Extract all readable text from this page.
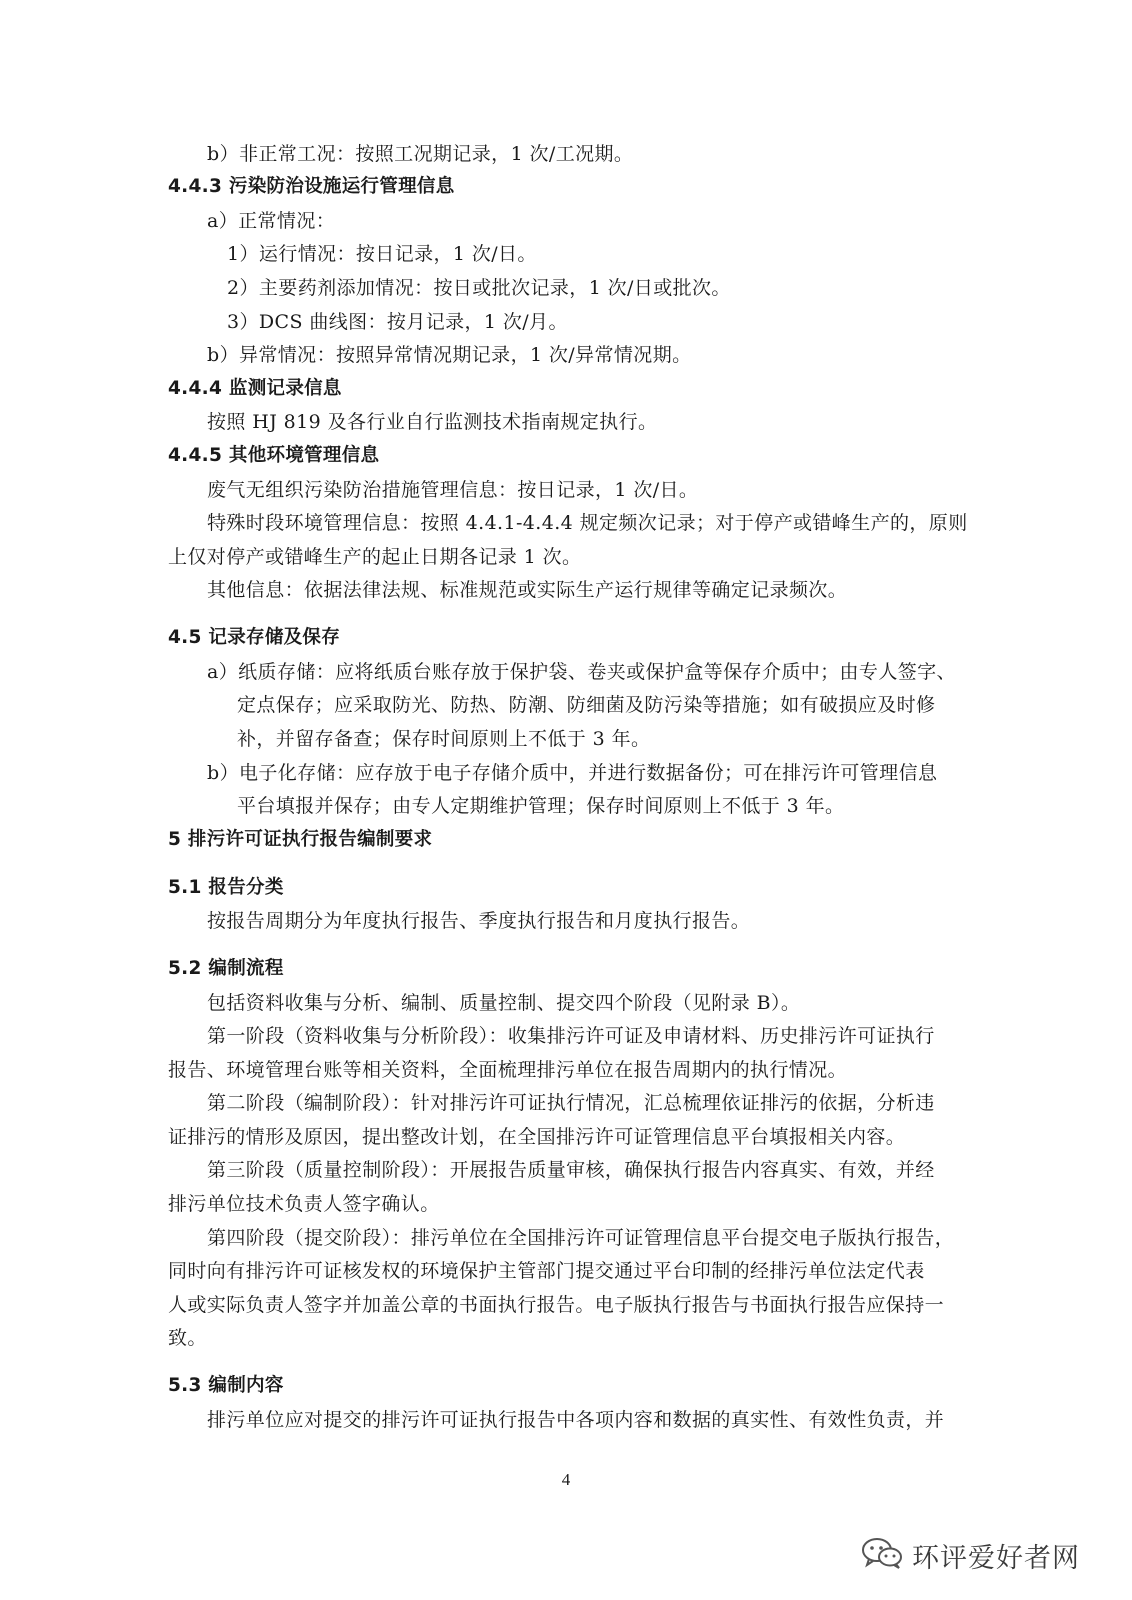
b）非正常工况：按照工况期记录，1 次/工况期。
4.4.3 污染防治设施运行管理信息
a）正常情况：
1）运行情况：按日记录，1 次/日。
2）主要药剂添加情况：按日或批次记录，1 次/日或批次。
3）DCS 曲线图：按月记录，1 次/月。
b）异常情况：按照异常情况期记录，1 次/异常情况期。
4.4.4 监测记录信息
按照 HJ 819 及各行业自行监测技术指南规定执行。
4.4.5 其他环境管理信息
废气无组织污染防治措施管理信息：按日记录，1 次/日。
特殊时段环境管理信息：按照 4.4.1-4.4.4 规定频次记录；对于停产或错峰生产的，原则
上仅对停产或错峰生产的起止日期各记录 1 次。
其他信息：依据法律法规、标准规范或实际生产运行规律等确定记录频次。
4.5 记录存储及保存
a）纸质存储：应将纸质台账存放于保护袋、卷夹或保护盒等保存介质中；由专人签字、
定点保存；应采取防光、防热、防潮、防细菌及防污染等措施；如有破损应及时修
补，并留存备查；保存时间原则上不低于 3 年。
b）电子化存储：应存放于电子存储介质中，并进行数据备份；可在排污许可管理信息
平台填报并保存；由专人定期维护管理；保存时间原则上不低于 3 年。
5 排污许可证执行报告编制要求
5.1 报告分类
按报告周期分为年度执行报告、季度执行报告和月度执行报告。
5.2 编制流程
包括资料收集与分析、编制、质量控制、提交四个阶段（见附录 B）。
第一阶段（资料收集与分析阶段）：收集排污许可证及申请材料、历史排污许可证执行
报告、环境管理台账等相关资料，全面梳理排污单位在报告周期内的执行情况。
第二阶段（编制阶段）：针对排污许可证执行情况，汇总梳理依证排污的依据，分析违
证排污的情形及原因，提出整改计划，在全国排污许可证管理信息平台填报相关内容。
第三阶段（质量控制阶段）：开展报告质量审核，确保执行报告内容真实、有效，并经
排污单位技术负责人签字确认。
第四阶段（提交阶段）：排污单位在全国排污许可证管理信息平台提交电子版执行报告，
同时向有排污许可证核发权的环境保护主管部门提交通过平台印制的经排污单位法定代表
人或实际负责人签字并加盖公章的书面执行报告。电子版执行报告与书面执行报告应保持一
致。
5.3 编制内容
排污单位应对提交的排污许可证执行报告中各项内容和数据的真实性、有效性负责，并
4
环评爱好者网
